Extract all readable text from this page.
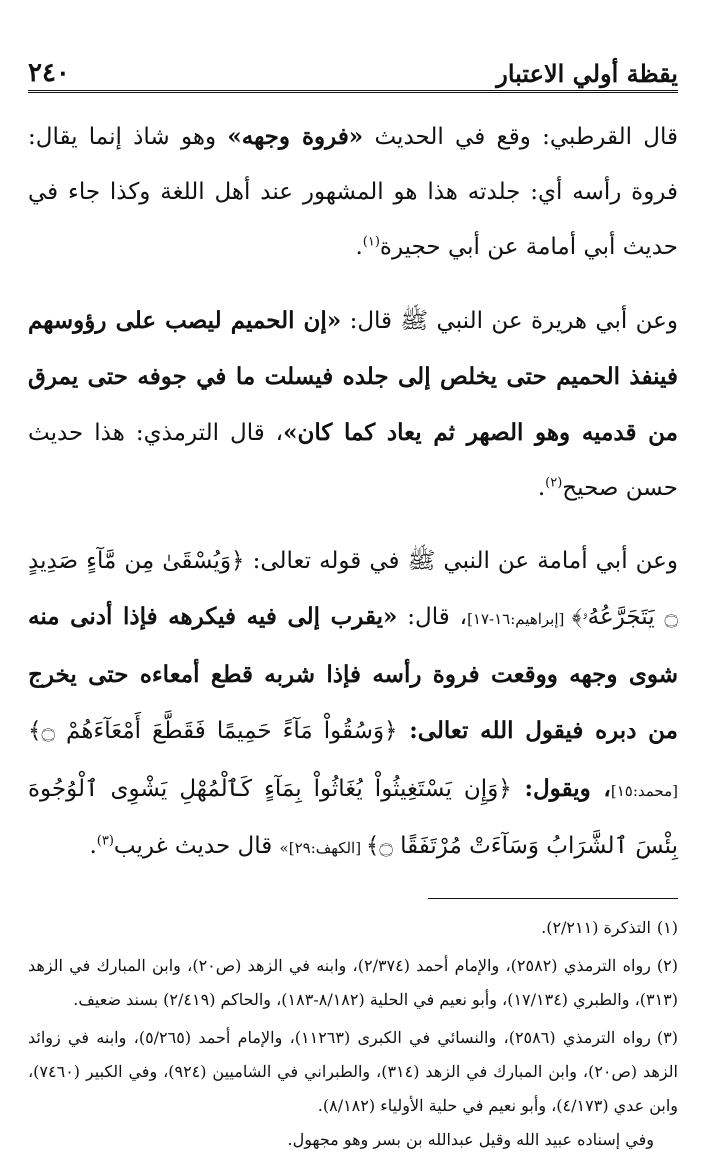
يقظة أولي الاعتبار
٢٤٠

قال القرطبي: وقع في الحديث «فروة وجهه» وهو شاذ إنما يقال: فروة رأسه أي: جلدته هذا هو المشهور عند أهل اللغة وكذا جاء في حديث أبي أمامة عن أبي حجيرة$^{(١)}$.

وعن أبي هريرة عن النبي ﷺ قال: «إن الحميم ليصب على رؤوسهم فينفذ الحميم حتى يخلص إلى جلده فيسلت ما في جوفه حتى يمرق من قدميه وهو الصهر ثم يعاد كما كان»، قال الترمذي: هذا حديث حسن صحيح$^{(٢)}$.

وعن أبي أمامة عن النبي ﷺ في قوله تعالى: ﴿وَيُسْقَىٰ مِن مَّآءٍ صَدِيدٍ ۝ يَتَجَرَّعُهُۥ﴾ [إبراهيم:١٦-١٧]، قال: «يقرب إلى فيه فيكرهه فإذا أدنى منه شوى وجهه ووقعت فروة رأسه فإذا شربه قطع أمعاءه حتى يخرج من دبره فيقول الله تعالى: ﴿وَسُقُواْ مَآءً حَمِيمًا فَقَطَّعَ أَمْعَآءَهُمْ ۝﴾ [محمد:١٥]، ويقول: ﴿وَإِن يَسْتَغِيثُواْ يُغَاثُواْ بِمَآءٍ كَٱلْمُهْلِ يَشْوِى ٱلْوُجُوهَ بِئْسَ ٱلشَّرَابُ وَسَآءَتْ مُرْتَفَقًا ۝﴾ [الكهف:٢٩]» قال حديث غريب$^{(٣)}$.

(١)التذكرة (٢/٢١١).

(٢)رواه الترمذي (٢٥٨٢)، والإمام أحمد (٢/٣٧٤)، وابنه في الزهد (ص٢٠)، وابن المبارك في الزهد (٣١٣)، والطبري (١٧/١٣٤)، وأبو نعيم في الحلية (٨/١٨٢-١٨٣)، والحاكم (٢/٤١٩) بسند ضعيف.

(٣)رواه الترمذي (٢٥٨٦)، والنسائي في الكبرى (١١٢٦٣)، والإمام أحمد (٥/٢٦٥)، وابنه في زوائد الزهد (ص٢٠)، وابن المبارك في الزهد (٣١٤)، والطبراني في الشاميين (٩٢٤)، وفي الكبير (٧٤٦٠)، وابن عدي (٤/١٧٣)، وأبو نعيم في حلية الأولياء (٨/١٨٢).
وفي إسناده عبيد الله وقيل عبدالله بن بسر وهو مجهول.
